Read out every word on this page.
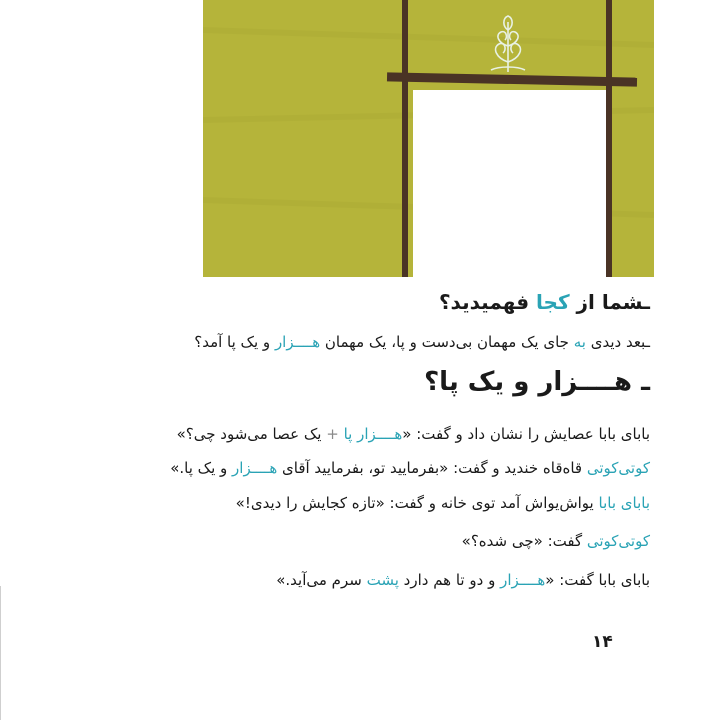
ـشما از کجا فهمیدید؟
ـبعد دیدی به جای یک مهمان بی‌دست و پا، یک مهمان هــــزار و یک پا آمد؟
ـ هــــزار و یک پا؟
بابای بابا عصایش را نشان داد و گفت: «هــــزار پا + یک عصا می‌شود چی؟»
کوتی‌کوتی قاه‌قاه خندید و گفت: «بفرمایید تو، بفرمایید آقای هــــزار و یک پا.»
بابای بابا یواش‌یواش آمد توی خانه و گفت: «تازه کجایش را دیدی!»
کوتی‌کوتی گفت: «چی شده؟»
بابای بابا گفت: «هــــزار و دو تا هم دارد پشت سرم می‌آید.»
۱۴
